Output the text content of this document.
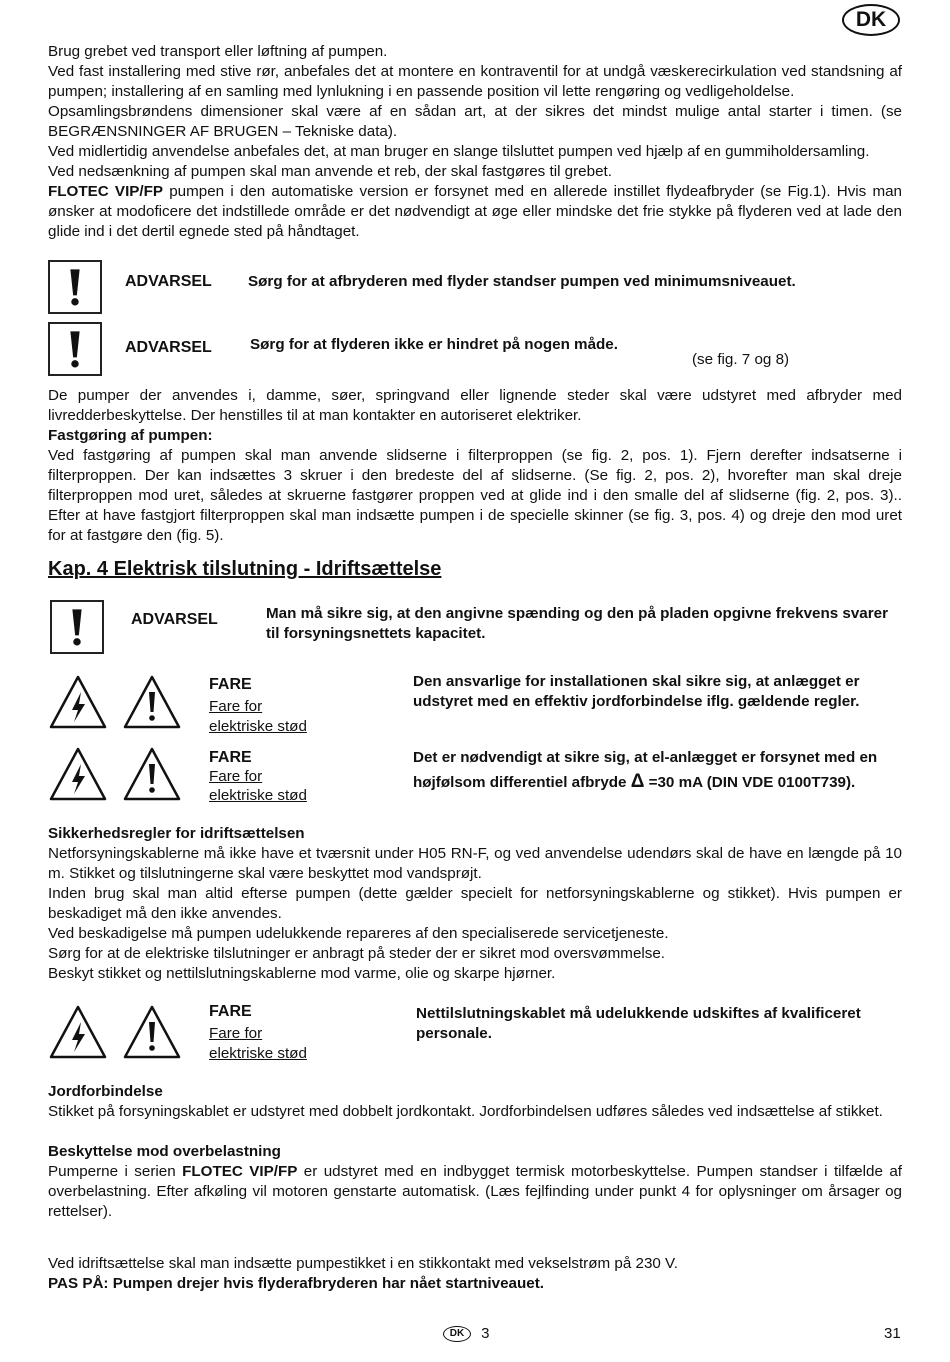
DK

Brug grebet ved transport eller løftning af pumpen.

Ved fast installering med stive rør, anbefales det at montere en kontraventil for at undgå væskerecirkulation ved standsning af pumpen; installering af en samling med lynlukning i en passende position vil lette rengøring og vedligeholdelse.

Opsamlingsbrøndens dimensioner skal være af en sådan art, at der sikres det mindst mulige antal starter i timen. (se BEGRÆNSNINGER AF BRUGEN – Tekniske data).

Ved midlertidig anvendelse anbefales det, at man bruger en slange tilsluttet pumpen ved hjælp af en gummiholdersamling.

Ved nedsænkning af pumpen skal man anvende et reb, der skal fastgøres til grebet.

FLOTEC VIP/FP pumpen i den automatiske version er forsynet med en allerede instillet flydeafbryder (se Fig.1). Hvis man ønsker at modoficere det indstillede område er det nødvendigt at øge eller mindske det frie stykke på flyderen ved at lade den glide ind i det dertil egnede sted på håndtaget.

ADVARSEL Sørg for at afbryderen med flyder standser pumpen ved minimumsniveauet.
ADVARSEL	Sørg for at flyderen ikke er hindret på nogen måde.
(se fig. 7 og 8)

De pumper der anvendes i, damme, søer, springvand eller lignende steder skal være udstyret med afbryder med livredderbeskyttelse. Der henstilles til at man kontakter en autoriseret elektriker.

Fastgøring af pumpen:

Ved fastgøring af pumpen skal man anvende slidserne i filterproppen (se fig. 2, pos. 1). Fjern derefter indsatserne i filterproppen. Der kan indsættes 3 skruer i den bredeste del af slidserne. (Se fig. 2, pos. 2), hvorefter man skal dreje filterproppen mod uret, således at skruerne fastgører proppen ved at glide ind i den smalle del af slidserne (fig. 2, pos. 3).. Efter at have fastgjort filterproppen skal man indsætte pumpen i de specielle skinner (se fig. 3, pos. 4) og dreje den mod uret for at fastgøre den (fig. 5).

Kap. 4 Elektrisk tilslutning - Idriftsættelse
ADVARSEL	Man må sikre sig, at den angivne spænding og den på pladen opgivne frekvens svarer til forsyningsnettets kapacitet.
FARE
Fare for
elektriske stød
Den ansvarlige for installationen skal sikre sig, at anlægget er udstyret med en effektiv jordforbindelse iflg. gældende regler.
FARE
Fare for
elektriske stød
Det er nødvendigt at sikre sig, at el-anlægget er forsynet med en
højfølsom differentiel afbryde Δ =30 mA (DIN VDE 0100T739).

Sikkerhedsregler for idriftsættelsen

Netforsyningskablerne må ikke have et tværsnit under H05 RN-F, og ved anvendelse udendørs skal de have en længde på 10 m. Stikket og tilslutningerne skal være beskyttet mod vandsprøjt.

Inden brug skal man altid efterse pumpen (dette gælder specielt for netforsyningskablerne og stikket). Hvis pumpen er beskadiget må den ikke anvendes.

Ved beskadigelse må pumpen udelukkende repareres af den specialiserede servicetjeneste.

Sørg for at de elektriske tilslutninger er anbragt på steder der er sikret mod oversvømmelse.

Beskyt stikket og nettilslutningskablerne mod varme, olie og skarpe hjørner.

FARE
Fare for
elektriske stød
Nettilslutningskablet må udelukkende udskiftes af kvalificeret personale.

Jordforbindelse

Stikket på forsyningskablet er udstyret med dobbelt jordkontakt. Jordforbindelsen udføres således ved indsættelse af stikket.

Beskyttelse mod overbelastning

Pumperne i serien FLOTEC VIP/FP er udstyret med en indbygget termisk motorbeskyttelse. Pumpen standser i tilfælde af overbelastning. Efter afkøling vil motoren genstarte automatisk. (Læs fejlfinding under punkt 4 for oplysninger om årsager og rettelser).

Ved idriftsættelse skal man indsætte pumpestikket i en stikkontakt med vekselstrøm på 230 V.

PAS PÅ: Pumpen drejer hvis flyderafbryderen har nået startniveauet.

DK 3	31
